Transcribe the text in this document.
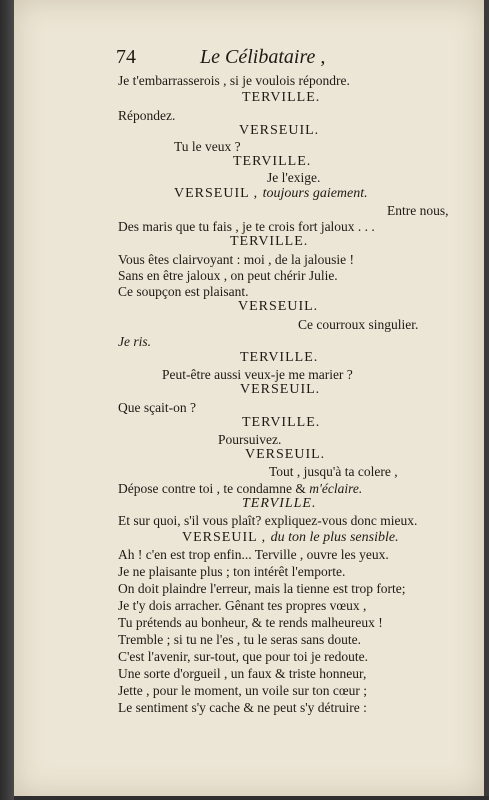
74	Le Célibataire ,
Je t'embarrasserois , si je voulois répondre.
TERVILLE.
Répondez.
VERSEUIL.
Tu le veux ?
TERVILLE.
Je l'exige.
VERSEUIL , toujours gaiement.
Entre nous,
Des maris que tu fais , je te crois fort jaloux . . .
TERVILLE.
Vous êtes clairvoyant : moi , de la jalousie !
Sans en être jaloux , on peut chérir Julie.
Ce soupçon est plaisant.
VERSEUIL.
Ce courroux singulier.
Je ris.
TERVILLE.
Peut-être aussi veux-je me marier ?
VERSEUIL.
Que sçait-on ?
TERVILLE.
Poursuivez.
VERSEUIL.
Tout , jusqu'à ta colere ,
Dépose contre toi , te condamne & m'éclaire.
TERVILLE.
Et sur quoi, s'il vous plaît? expliquez-vous donc mieux.
VERSEUIL , du ton le plus sensible.
Ah ! c'en est trop enfin... Terville , ouvre les yeux.
Je ne plaisante plus ; ton intérêt l'emporte.
On doit plaindre l'erreur, mais la tienne est trop forte;
Je t'y dois arracher. Gênant tes propres vœux ,
Tu prétends au bonheur, & te rends malheureux !
Tremble ; si tu ne l'es , tu le seras sans doute.
C'est l'avenir, sur-tout, que pour toi je redoute.
Une sorte d'orgueil , un faux & triste honneur,
Jette , pour le moment, un voile sur ton cœur ;
Le sentiment s'y cache & ne peut s'y détruire :
